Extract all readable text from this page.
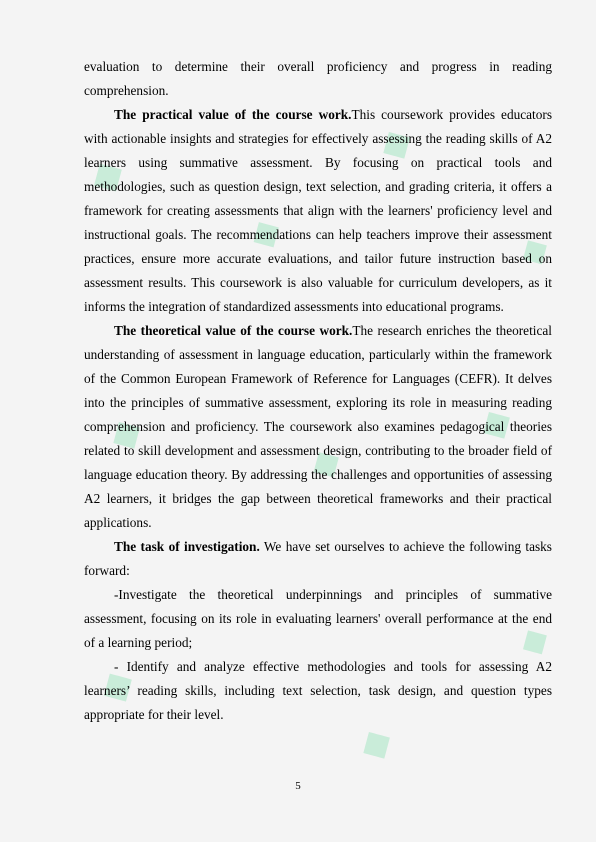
◆
◆
◆
◆
◆
◆
◆
◆
◆
◆

evaluation to determine their overall proficiency and progress in reading comprehension.

The practical value of the course work.This coursework provides educators with actionable insights and strategies for effectively assessing the reading skills of A2 learners using summative assessment. By focusing on practical tools and methodologies, such as question design, text selection, and grading criteria, it offers a framework for creating assessments that align with the learners' proficiency level and instructional goals. The recommendations can help teachers improve their assessment practices, ensure more accurate evaluations, and tailor future instruction based on assessment results. This coursework is also valuable for curriculum developers, as it informs the integration of standardized assessments into educational programs.

The theoretical value of the course work.The research enriches the theoretical understanding of assessment in language education, particularly within the framework of the Common European Framework of Reference for Languages (CEFR). It delves into the principles of summative assessment, exploring its role in measuring reading comprehension and proficiency. The coursework also examines pedagogical theories related to skill development and assessment design, contributing to the broader field of language education theory. By addressing the challenges and opportunities of assessing A2 learners, it bridges the gap between theoretical frameworks and their practical applications.

The task of investigation. We have set ourselves to achieve the following tasks forward:

-Investigate the theoretical underpinnings and principles of summative assessment, focusing on its role in evaluating learners' overall performance at the end of a learning period;

- Identify and analyze effective methodologies and tools for assessing A2 learners’ reading skills, including text selection, task design, and question types appropriate for their level.

5
